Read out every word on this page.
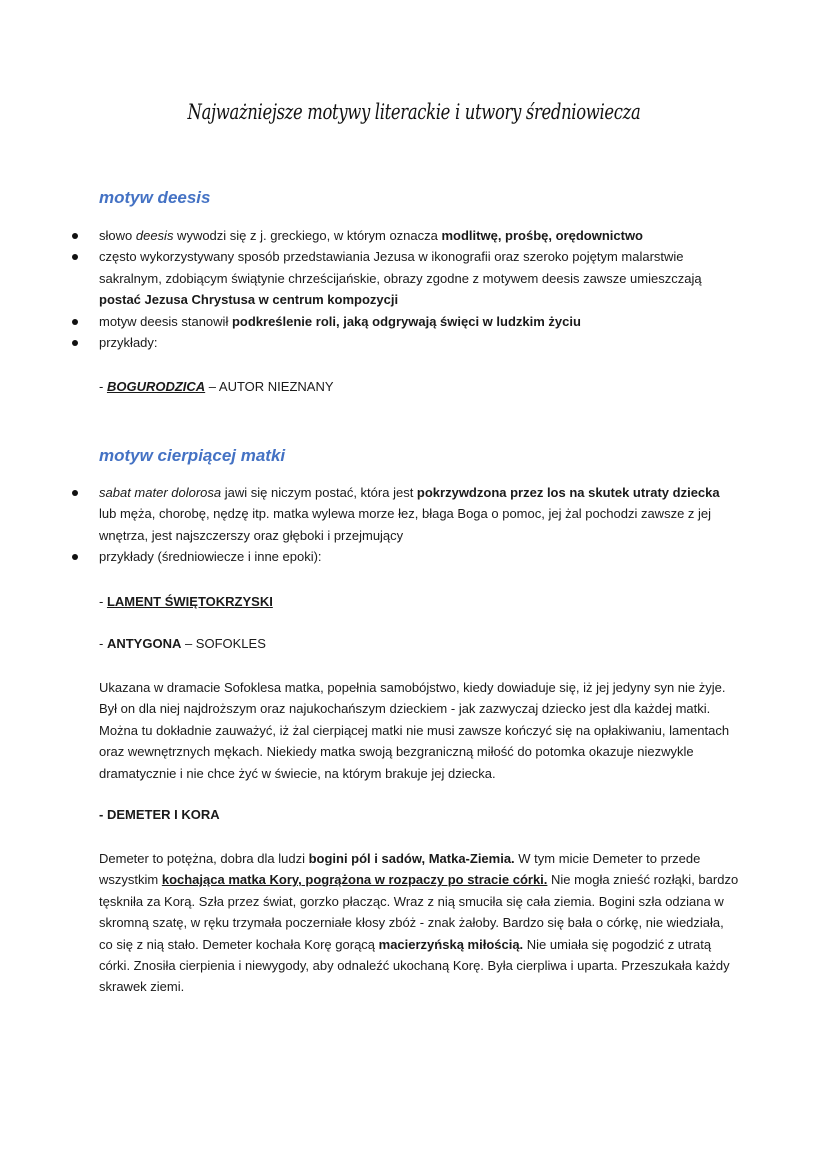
Najważniejsze motywy literackie i utwory średniowiecza
motyw deesis
słowo deesis wywodzi się z j. greckiego, w którym oznacza modlitwę, prośbę, orędownictwo
często wykorzystywany sposób przedstawiania Jezusa w ikonografii oraz szeroko pojętym malarstwie sakralnym, zdobiącym świątynie chrześcijańskie, obrazy zgodne z motywem deesis zawsze umieszczają postać Jezusa Chrystusa w centrum kompozycji
motyw deesis stanowił podkreślenie roli, jaką odgrywają święci w ludzkim życiu
przykłady:

- BOGURODZICA – AUTOR NIEZNANY

motyw cierpiącej matki
sabat mater dolorosa jawi się niczym postać, która jest pokrzywdzona przez los na skutek utraty dziecka lub męża, chorobę, nędzę itp. matka wylewa morze łez, błaga Boga o pomoc, jej żal pochodzi zawsze z jej wnętrza, jest najszczerszy oraz głęboki i przejmujący
przykłady (średniowiecze i inne epoki):

- LAMENT ŚWIĘTOKRZYSKI

- ANTYGONA – SOFOKLES

Ukazana w dramacie Sofoklesa matka, popełnia samobójstwo, kiedy dowiaduje się, iż jej jedyny syn nie żyje. Był on dla niej najdroższym oraz najukochańszym dzieckiem - jak zazwyczaj dziecko jest dla każdej matki. Można tu dokładnie zauważyć, iż żal cierpiącej matki nie musi zawsze kończyć się na opłakiwaniu, lamentach oraz wewnętrznych mękach. Niekiedy matka swoją bezgraniczną miłość do potomka okazuje niezwykle dramatycznie i nie chce żyć w świecie, na którym brakuje jej dziecka.

- DEMETER I KORA

Demeter to potężna, dobra dla ludzi bogini pól i sadów, Matka-Ziemia. W tym micie Demeter to przede wszystkim kochająca matka Kory, pogrążona w rozpaczy po stracie córki. Nie mogła znieść rozłąki, bardzo tęskniła za Korą. Szła przez świat, gorzko płacząc. Wraz z nią smuciła się cała ziemia. Bogini szła odziana w skromną szatę, w ręku trzymała poczerniałe kłosy zbóż - znak żałoby. Bardzo się bała o córkę, nie wiedziała, co się z nią stało. Demeter kochała Korę gorącą macierzyńską miłością. Nie umiała się pogodzić z utratą córki. Znosiła cierpienia i niewygody, aby odnaleźć ukochaną Korę. Była cierpliwa i uparta. Przeszukała każdy skrawek ziemi.
